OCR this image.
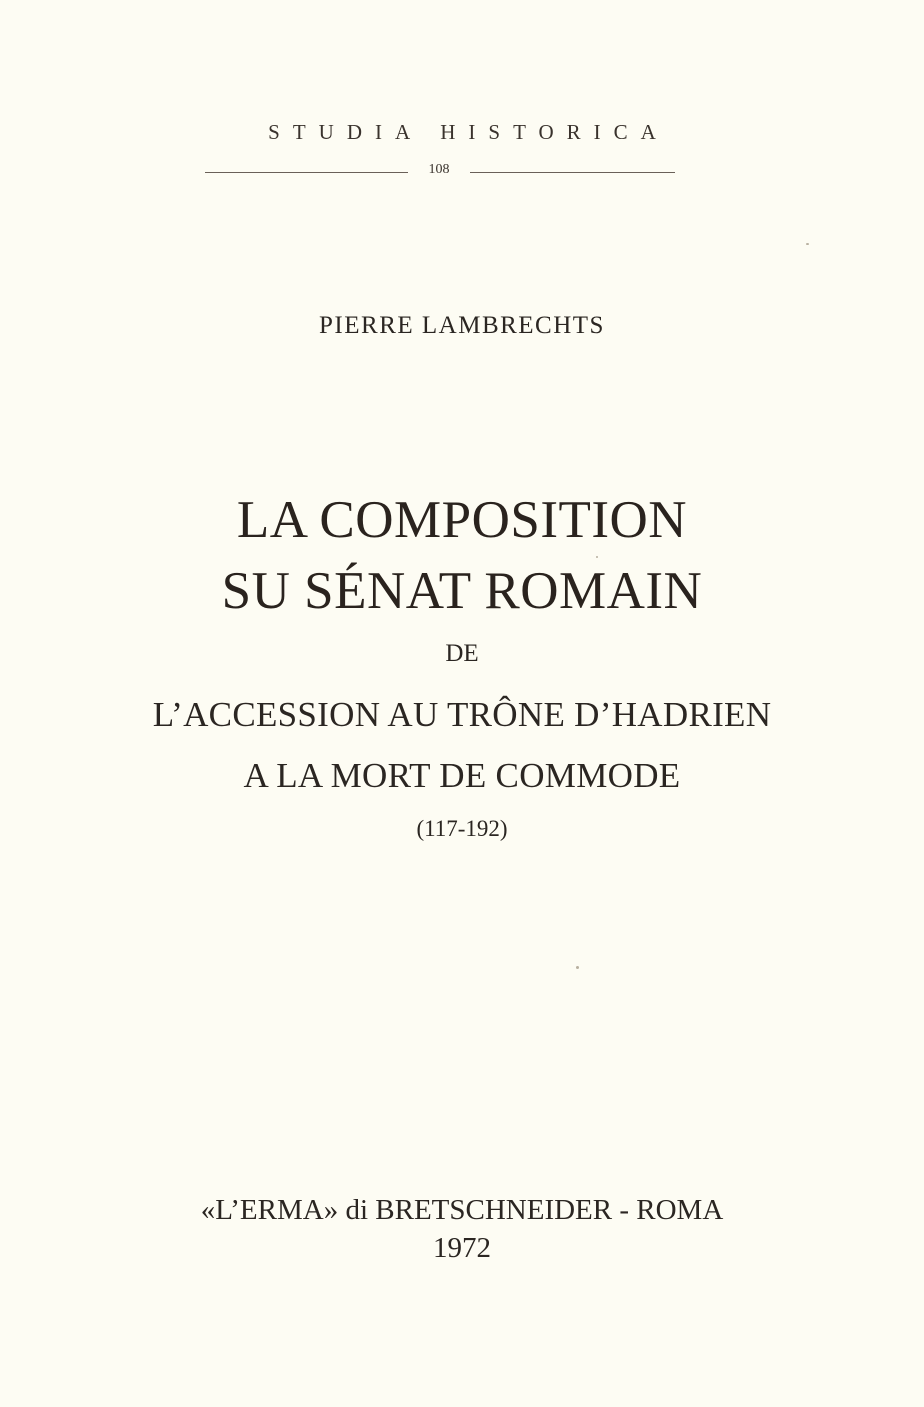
STUDIA HISTORICA
108
PIERRE LAMBRECHTS
LA COMPOSITION
SU SÉNAT ROMAIN
DE
L’ACCESSION AU TRÔNE D’HADRIEN
A LA MORT DE COMMODE
(117-192)
«L’ERMA» di BRETSCHNEIDER - ROMA
1972
